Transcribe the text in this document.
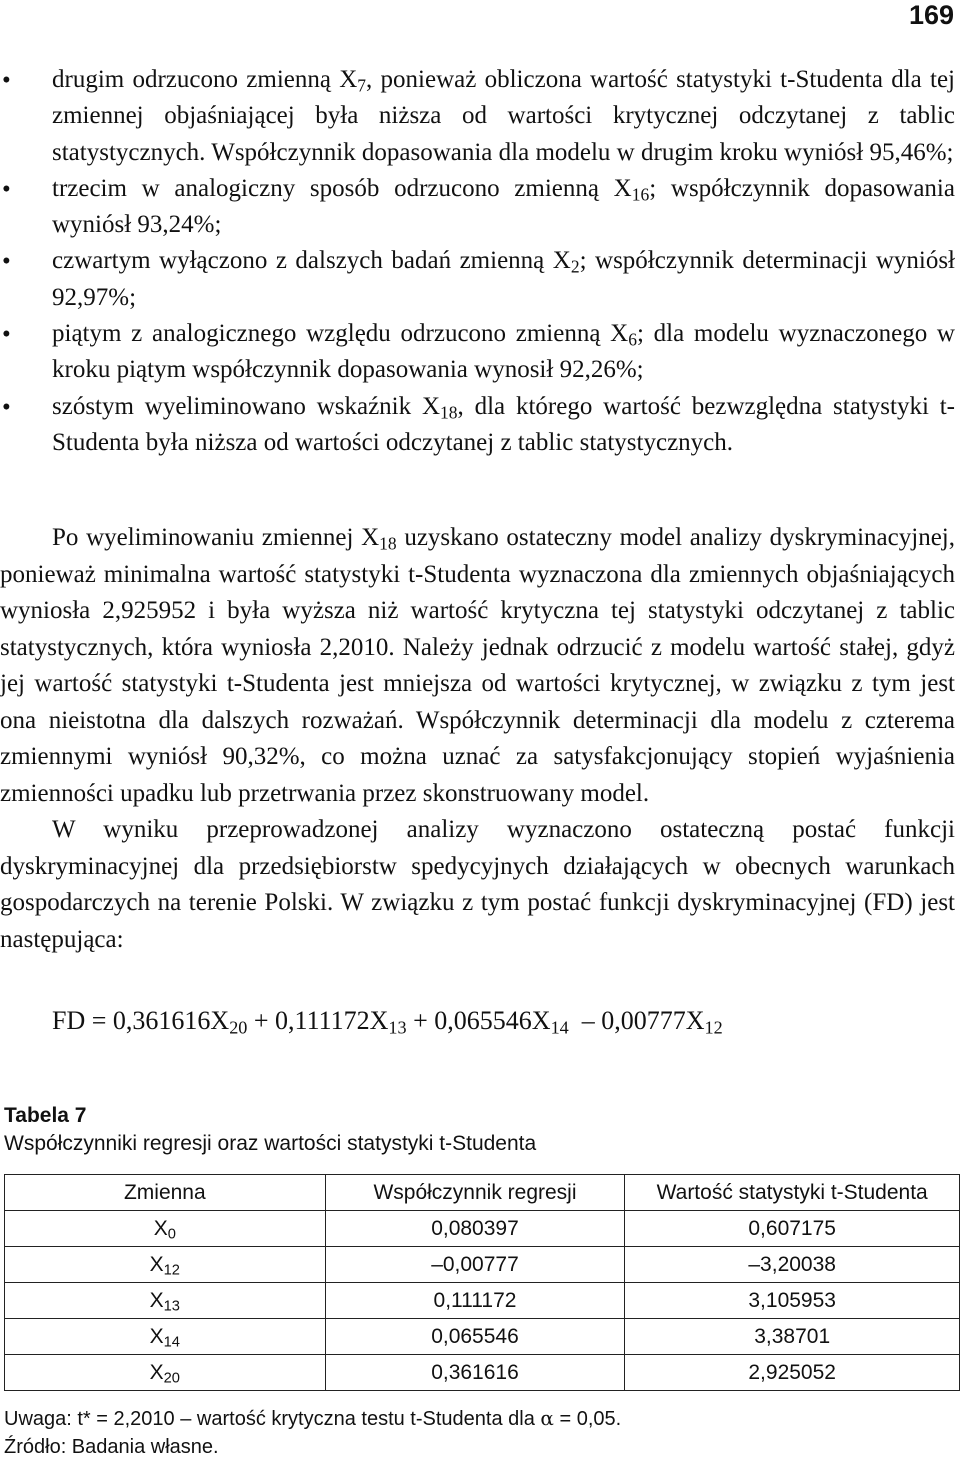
169
• drugim odrzucono zmienną $X_7$, ponieważ obliczona wartość statystyki t-Studenta dla tej zmiennej objaśniającej była niższa od wartości krytycznej odczytanej z tablic statystycznych. Współczynnik dopasowania dla modelu w drugim kroku wyniósł 95,46%;
• trzecim w analogiczny sposób odrzucono zmienną $X_{16}$; współczynnik dopasowania wyniósł 93,24%;
• czwartym wyłączono z dalszych badań zmienną $X_2$; współczynnik determinacji wyniósł 92,97%;
• piątym z analogicznego względu odrzucono zmienną $X_6$; dla modelu wyznaczonego w kroku piątym współczynnik dopasowania wynosił 92,26%;
• szóstym wyeliminowano wskaźnik $X_{18}$, dla którego wartość bezwzględna statystyki t-Studenta była niższa od wartości odczytanej z tablic statystycznych.

Po wyeliminowaniu zmiennej $X_{18}$ uzyskano ostateczny model analizy dyskryminacyjnej, ponieważ minimalna wartość statystyki t-Studenta wyznaczona dla zmiennych objaśniających wyniosła 2,925952 i była wyższa niż wartość krytyczna tej statystyki odczytanej z tablic statystycznych, która wyniosła 2,2010. Należy jednak odrzucić z modelu wartość stałej, gdyż jej wartość statystyki t-Studenta jest mniejsza od wartości krytycznej, w związku z tym jest ona nieistotna dla dalszych rozważań. Współczynnik determinacji dla modelu z czterema zmiennymi wyniósł 90,32%, co można uznać za satysfakcjonujący stopień wyjaśnienia zmienności upadku lub przetrwania przez skonstruowany model.

W wyniku przeprowadzonej analizy wyznaczono ostateczną postać funkcji dyskryminacyjnej dla przedsiębiorstw spedycyjnych działających w obecnych warunkach gospodarczych na terenie Polski. W związku z tym postać funkcji dyskryminacyjnej (FD) jest następująca:

FD = $0,361616X_{20} + 0,111172X_{13} + 0,065546X_{14} - 0,00777X_{12}$
Tabela 7
Współczynniki regresji oraz wartości statystyki t-Studenta
Zmienna	Współczynnik regresji	Wartość statystyki t-Studenta
$X_0$	0,080397	0,607175
$X_{12}$	–0,00777	–3,20038
$X_{13}$	0,111172	3,105953
$X_{14}$	0,065546	3,38701
$X_{20}$	0,361616	2,925052
Uwaga: t* = 2,2010 – wartość krytyczna testu t-Studenta dla α = 0,05.
Źródło: Badania własne.
